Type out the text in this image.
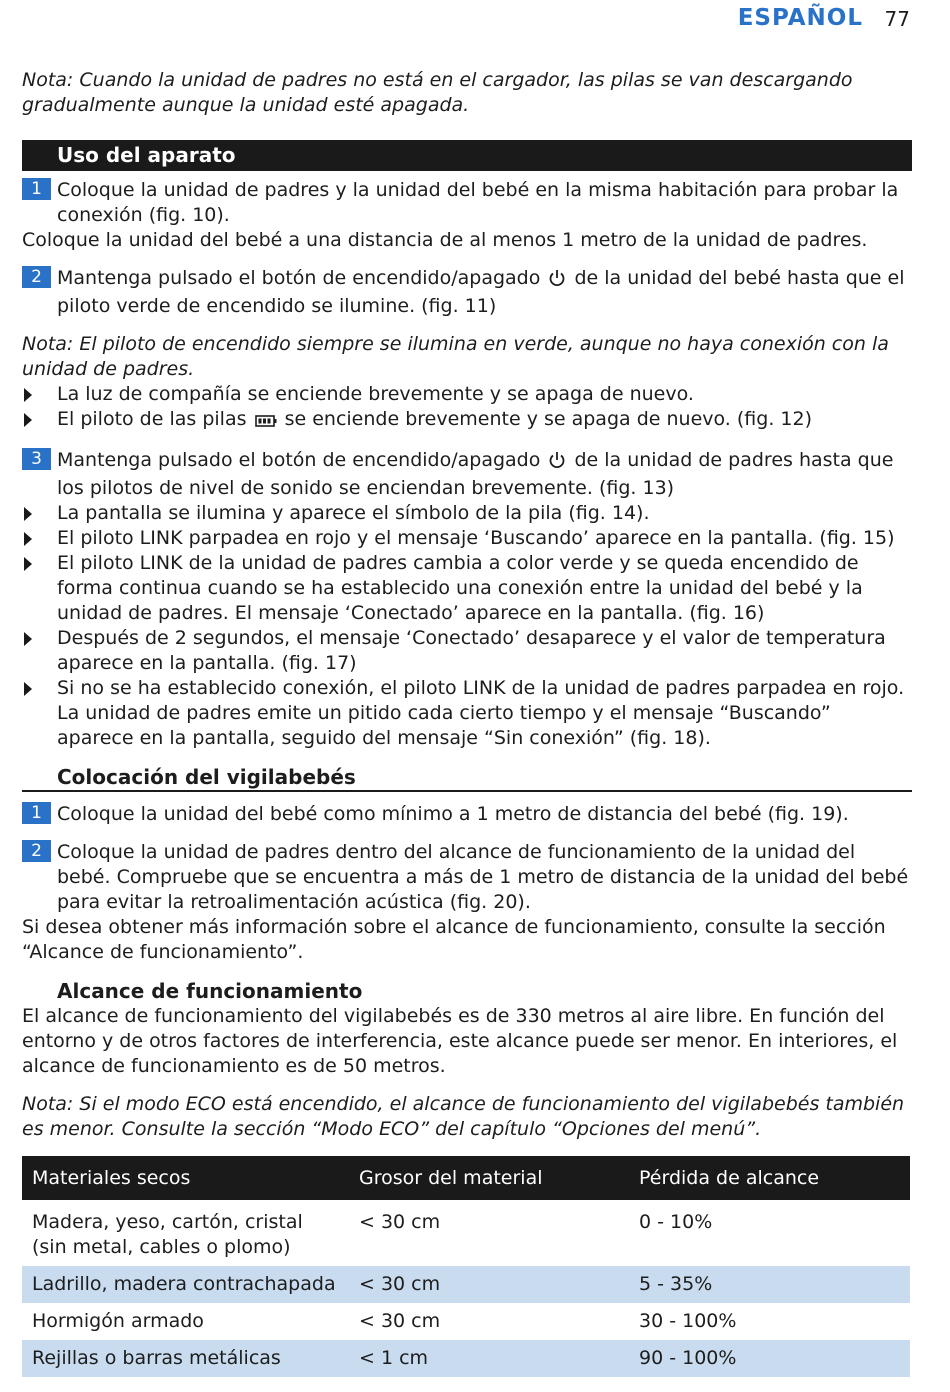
ESPAÑOL 77

Nota: Cuando la unidad de padres no está en el cargador, las pilas se van descargando gradualmente aunque la unidad esté apagada.

Uso del aparato
1 Coloque la unidad de padres y la unidad del bebé en la misma habitación para probar la conexión (fig. 10).

Coloque la unidad del bebé a una distancia de al menos 1 metro de la unidad de padres.

2 Mantenga pulsado el botón de encendido/apagado de la unidad del bebé hasta que el piloto verde de encendido se ilumine. (fig. 11)

Nota: El piloto de encendido siempre se ilumina en verde, aunque no haya conexión con la unidad de padres.

La luz de compañía se enciende brevemente y se apaga de nuevo.
El piloto de las pilas se enciende brevemente y se apaga de nuevo. (fig. 12)
3 Mantenga pulsado el botón de encendido/apagado de la unidad de padres hasta que los pilotos de nivel de sonido se enciendan brevemente. (fig. 13)
La pantalla se ilumina y aparece el símbolo de la pila (fig. 14).
El piloto LINK parpadea en rojo y el mensaje ‘Buscando’ aparece en la pantalla. (fig. 15)
El piloto LINK de la unidad de padres cambia a color verde y se queda encendido de forma continua cuando se ha establecido una conexión entre la unidad del bebé y la unidad de padres. El mensaje ‘Conectado’ aparece en la pantalla. (fig. 16)
Después de 2 segundos, el mensaje ‘Conectado’ desaparece y el valor de temperatura aparece en la pantalla. (fig. 17)
Si no se ha establecido conexión, el piloto LINK de la unidad de padres parpadea en rojo. La unidad de padres emite un pitido cada cierto tiempo y el mensaje “Buscando” aparece en la pantalla, seguido del mensaje “Sin conexión” (fig. 18).
Colocación del vigilabebés
1 Coloque la unidad del bebé como mínimo a 1 metro de distancia del bebé (fig. 19).
2 Coloque la unidad de padres dentro del alcance de funcionamiento de la unidad del bebé. Compruebe que se encuentra a más de 1 metro de distancia de la unidad del bebé para evitar la retroalimentación acústica (fig. 20).

Si desea obtener más información sobre el alcance de funcionamiento, consulte la sección “Alcance de funcionamiento”.

Alcance de funcionamiento

El alcance de funcionamiento del vigilabebés es de 330 metros al aire libre. En función del entorno y de otros factores de interferencia, este alcance puede ser menor. En interiores, el alcance de funcionamiento es de 50 metros.

Nota: Si el modo ECO está encendido, el alcance de funcionamiento del vigilabebés también es menor. Consulte la sección “Modo ECO” del capítulo “Opciones del menú”.

Materiales secos	Grosor del material	Pérdida de alcance
Madera, yeso, cartón, cristal (sin metal, cables o plomo)	< 30 cm	0 - 10%
Ladrillo, madera contrachapada	< 30 cm	5 - 35%
Hormigón armado	< 30 cm	30 - 100%
Rejillas o barras metálicas	< 1 cm	90 - 100%
